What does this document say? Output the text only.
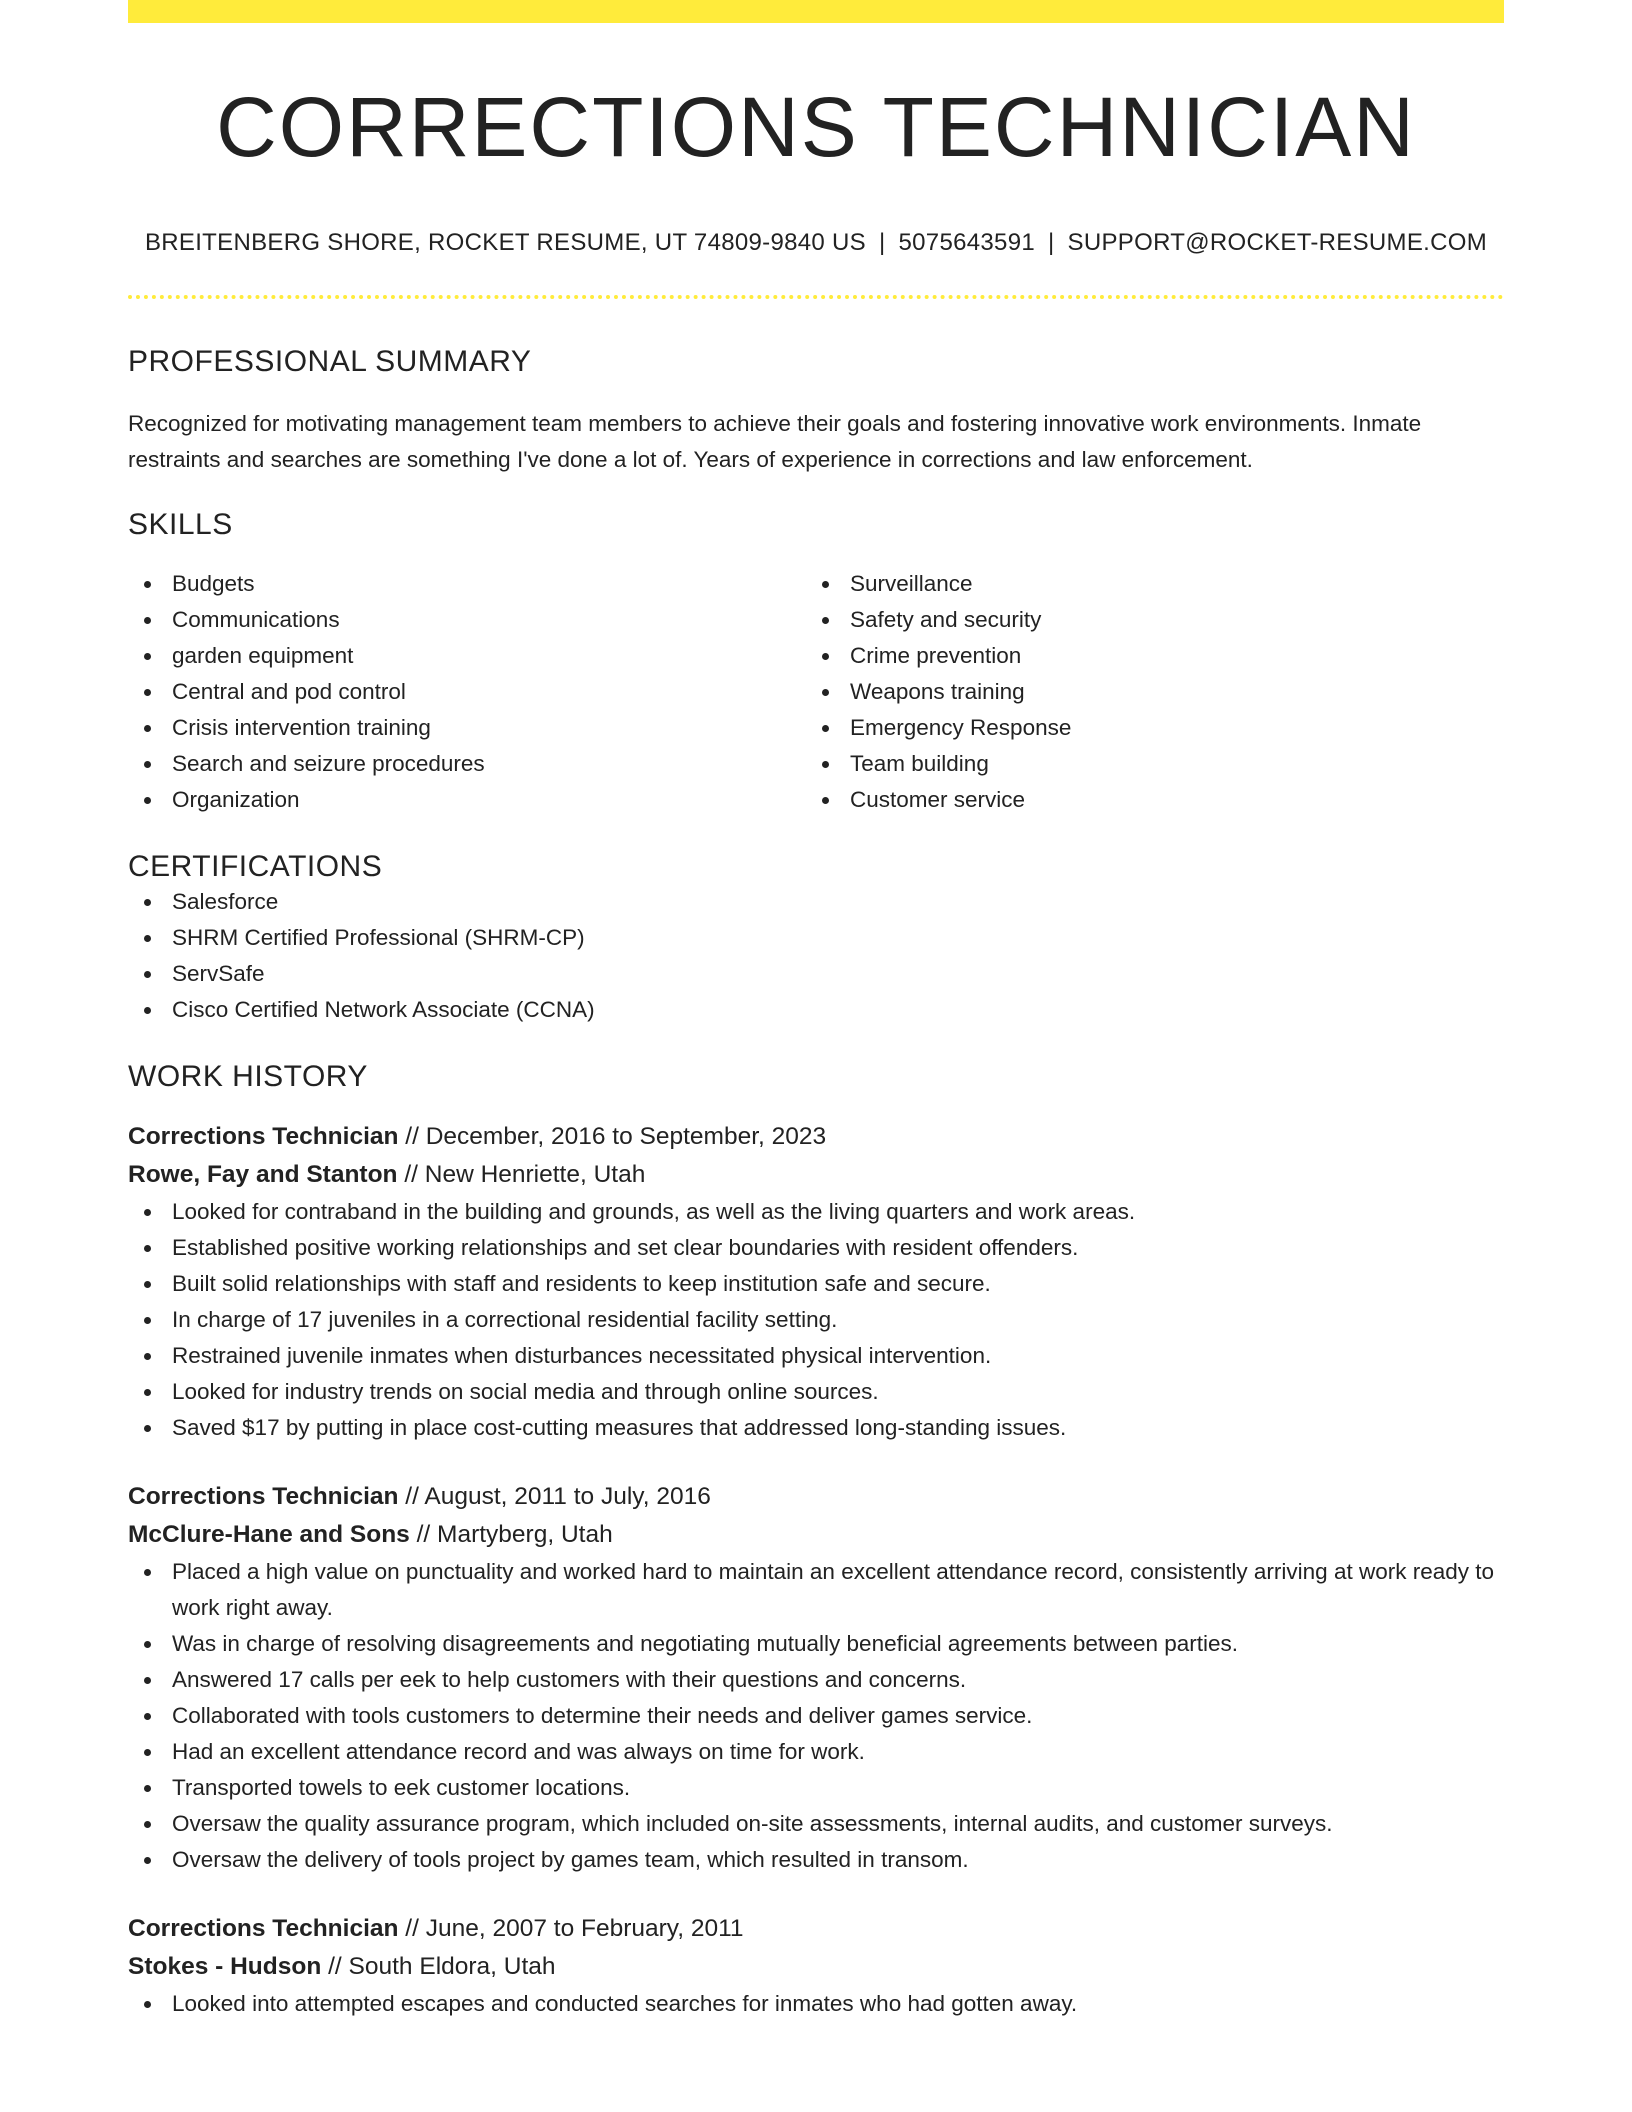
CORRECTIONS TECHNICIAN
BREITENBERG SHORE, ROCKET RESUME, UT 74809-9840 US | 5075643591 | SUPPORT@ROCKET-RESUME.COM
PROFESSIONAL SUMMARY

Recognized for motivating management team members to achieve their goals and fostering innovative work environments. Inmate restraints and searches are something I've done a lot of. Years of experience in corrections and law enforcement.

SKILLS
Budgets
Communications
garden equipment
Central and pod control
Crisis intervention training
Search and seizure procedures
Organization
Surveillance
Safety and security
Crime prevention
Weapons training
Emergency Response
Team building
Customer service
CERTIFICATIONS
Salesforce
SHRM Certified Professional (SHRM-CP)
ServSafe
Cisco Certified Network Associate (CCNA)
WORK HISTORY
Corrections Technician // December, 2016 to September, 2023
Rowe, Fay and Stanton // New Henriette, Utah
Looked for contraband in the building and grounds, as well as the living quarters and work areas.
Established positive working relationships and set clear boundaries with resident offenders.
Built solid relationships with staff and residents to keep institution safe and secure.
In charge of 17 juveniles in a correctional residential facility setting.
Restrained juvenile inmates when disturbances necessitated physical intervention.
Looked for industry trends on social media and through online sources.
Saved $17 by putting in place cost-cutting measures that addressed long-standing issues.
Corrections Technician // August, 2011 to July, 2016
McClure-Hane and Sons // Martyberg, Utah
Placed a high value on punctuality and worked hard to maintain an excellent attendance record, consistently arriving at work ready to work right away.
Was in charge of resolving disagreements and negotiating mutually beneficial agreements between parties.
Answered 17 calls per eek to help customers with their questions and concerns.
Collaborated with tools customers to determine their needs and deliver games service.
Had an excellent attendance record and was always on time for work.
Transported towels to eek customer locations.
Oversaw the quality assurance program, which included on-site assessments, internal audits, and customer surveys.
Oversaw the delivery of tools project by games team, which resulted in transom.
Corrections Technician // June, 2007 to February, 2011
Stokes - Hudson // South Eldora, Utah
Looked into attempted escapes and conducted searches for inmates who had gotten away.
